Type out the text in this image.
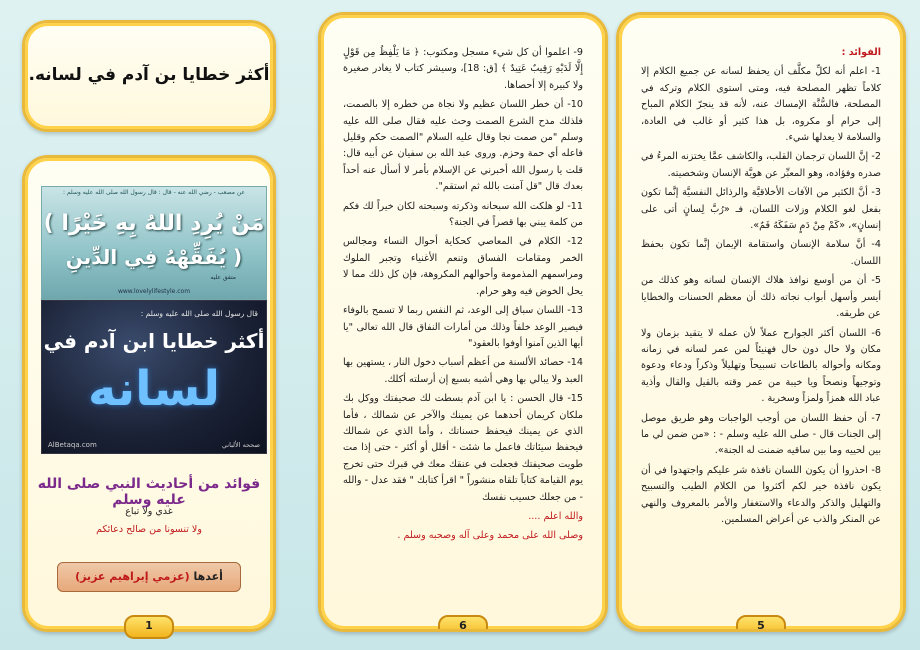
أكثر خطايا بن آدم في لسانه.
عن مصعب - رضي الله عنه - قال : قال رسول الله صلى الله عليه وسلم :
( مَنْ يُرِدِ اللهُ بِهِ خَيْرًا
يُفَقِّهْهُ فِي الدِّينِ )
متفق عليه
www.lovelylifestyle.com
قال رسول الله صلى الله عليه وسلم :
أكثر خطايا ابن آدم في
لسانه
AlBetaqa.com	صححه الألباني
فوائد من أحاديث النبي صلى الله عليه وسلم
غدي ولا تباع
ولا تنسونا من صالح دعائكم
أعدها (عزمي إبراهيم عزيز)
1

9- اعلموا أن كل شيء مسجل ومكتوب: ﴿ مَا يَلْفِظُ مِن قَوْلٍ إِلَّا لَدَيْهِ رَقِيبٌ عَتِيدٌ ﴾ [ق: 18]، وسيشر كتاب لا يغادر صغيرة ولا كبيرة إلا أحصاها.

10- أن خطر اللسان عظيم ولا نجاة من خطره إلا بالصمت، فلذلك مدح الشرع الصمت وحث عليه فقال صلى الله عليه وسلم "من صمت نجا وقال عليه السلام "الصمت حكم وقليل فاعله أي حمة وحزم. وروى عبد الله بن سفيان عن أبيه قال: قلت يا رسول الله أخبرني عن الإسلام بأمر لا أسأل عنه أحداً بعدك قال "قل آمنت بالله ثم استقم".

11- لو هلكت الله سبحانه وذكرته وسبحته لكان خيراً لك فكم من كلمة يبني بها قصراً في الجنة؟

12- الكلام في المعاصي كحكاية أحوال النساء ومجالس الخمر ومقامات الفساق وتنعم الأغنياء وتجبر الملوك ومراسمهم المذمومة وأحوالهم المكروهة، فإن كل ذلك مما لا يحل الخوض فيه وهو حرام.

13- اللسان سباق إلى الوعد، ثم النفس ربما لا تسمح بالوفاء فيصير الوعد خلفاً وذلك من أمارات النفاق قال الله تعالى "يا أيها الذين آمنوا أوفوا بالعقود"

14- حصائد الألسنة من أعظم أسباب دخول النار ، يستهين بها العبد ولا يبالي بها وهي أشبه بسبع إن أرسلته أكلك.

15- قال الحسن : يا ابن آدم بسطت لك صحيفتك ووكل بك ملكان كريمان أحدهما عن يمينك والآخر عن شمالك ، فأما الذي عن يمينك فيحفظ حسناتك ، وأما الذي عن شمالك فيحفظ سيئاتك فاعمل ما شئت - أقلل أو أكثر - حتى إذا مت طويت صحيفتك فجعلت في عنقك معك في قبرك حتى تخرج يوم القيامة كتاباً تلقاه منشوراً " اقرأ كتابك " فقد عدل - والله - من جعلك حسيب نفسك

والله اعلم ....

وصلى الله على محمد وعلى آله وصحبه وسلم .

6

الفوائد :

1- اعلم أنه لكلِّ مكلَّف أن يحفظ لسانه عن جميع الكلام إلا كلاماً تظهر المصلحة فيه، ومتى استوى الكلام وتركه في المصلحة، فالسُّنَّة الإمساك عنه، لأنه قد ينجرّ الكلام المباح إلى حرام أو مكروه، بل هذا كثير أو غالب في العادة، والسلامة لا يعدلها شيء.

2- إنَّ اللسان ترجمان القلب، والكاشف عمَّا يختزنه المرءُ في صدره وفؤاده، وهو المعبِّر عن هويَّة الإنسان وشخصيته.

3- أنَّ الكثير من الآفات الأخلاقيَّة والرذائل النفسيَّة إنَّما تكون بفعل لغو الكلام وزلات اللسان، فـ «رُبَّ لِسانٍ أتى على إنسانٍ»، «كَمْ مِنْ دَمٍ سَفَكَهُ فَمٌ».

4- أنَّ سلامة الإنسان واستقامة الإيمان إنَّما تكون بحفظ اللسان.

5- أن من أوسع نوافذ هلاك الإنسان لسانه وهو كذلك من أيسر وأسهل أبواب نجاته ذلك أن معظم الحسنات والخطايا عن طريقه.

6- اللسان أكثر الجوارح عملاً لأن عمله لا يتقيد بزمان ولا مكان ولا حال دون حال فهنيئاً لمن عمر لسانه في زمانه ومكانه وأحواله بالطاعات تسبيحاً وتهليلاً وذكراً ودعاء ودعوة وتوجيهاً ونصحاً ويا خيبة من عمر وقته بالقيل والقال وأذية عباد الله همزاً ولمزاً وسخرية .

7- أن حفظ اللسان من أوجب الواجبات وهو طريق موصل إلى الجنات قال - صلى الله عليه وسلم - : «من ضمن لي ما بين لحييه وما بين ساقيه ضمنت له الجنة».

8- احذروا أن يكون اللسان نافذة شر عليكم واجتهدوا في أن يكون نافذة خير لكم أكثروا من الكلام الطيب والتسبيح والتهليل والذكر والدعاء والاستغفار والأمر بالمعروف والنهي عن المنكر والذب عن أعراض المسلمين.

5
